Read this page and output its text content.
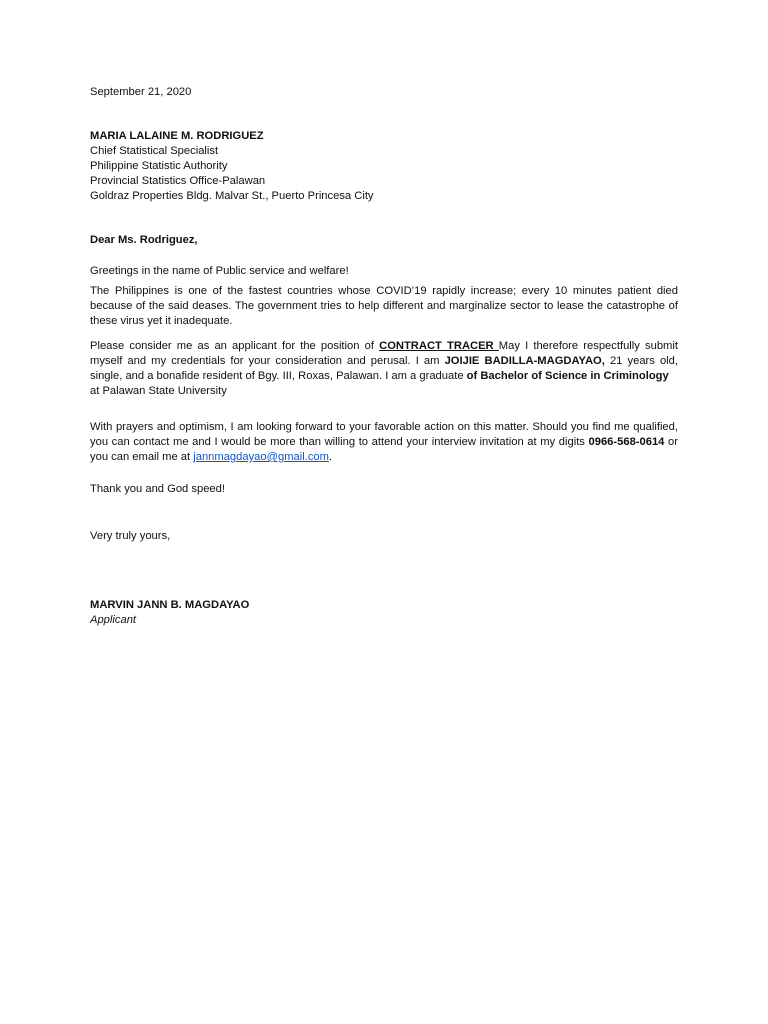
September 21, 2020
MARIA LALAINE M. RODRIGUEZ
Chief Statistical Specialist
Philippine Statistic Authority
Provincial Statistics Office-Palawan
Goldraz Properties Bldg. Malvar St., Puerto Princesa City
Dear Ms. Rodriguez,
Greetings in the name of Public service and welfare!

The Philippines is one of the fastest countries whose COVID’19 rapidly increase; every 10 minutes patient died because of the said deases. The government tries to help different and marginalize sector to lease the catastrophe of these virus yet it inadequate.

Please consider me as an applicant for the position of CONTRACT TRACER May I therefore respectfully submit myself and my credentials for your consideration and perusal. I am JOIJIE BADILLA-MAGDAYAO, 21 years old, single, and a bonafide resident of Bgy. III, Roxas, Palawan. I am a graduate of Bachelor of Science in Criminology

at Palawan State University

With prayers and optimism, I am looking forward to your favorable action on this matter. Should you find me qualified, you can contact me and I would be more than willing to attend your interview invitation at my digits 0966-568-0614 or you can email me at jannmagdayao@gmail.com.

Thank you and God speed!
Very truly yours,
MARVIN JANN B. MAGDAYAO
Applicant
